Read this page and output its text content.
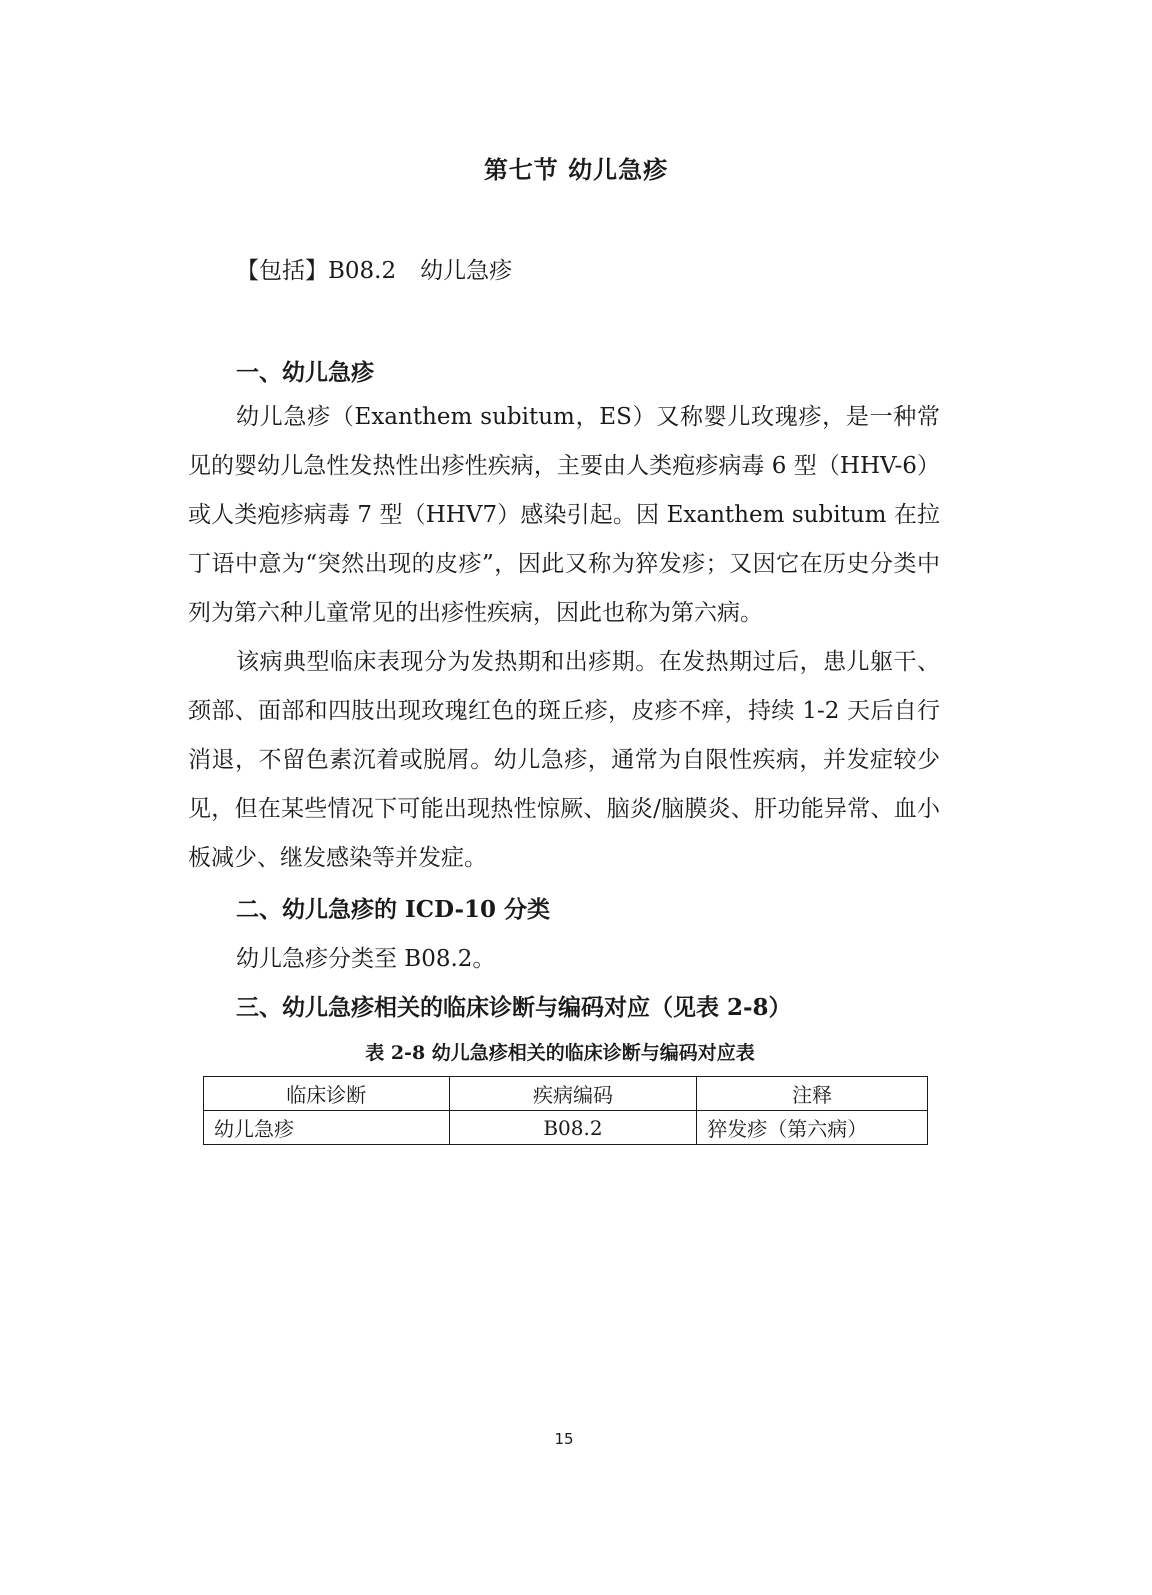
第七节 幼儿急疹

【包括】B08.2 幼儿急疹

一、幼儿急疹

幼儿急疹（Exanthem subitum，ES）又称婴儿玫瑰疹，是一种常见的婴幼儿急性发热性出疹性疾病，主要由人类疱疹病毒 6 型（HHV-6）或人类疱疹病毒 7 型（HHV7）感染引起。因 Exanthem subitum 在拉丁语中意为“突然出现的皮疹”，因此又称为猝发疹；又因它在历史分类中列为第六种儿童常见的出疹性疾病，因此也称为第六病。

该病典型临床表现分为发热期和出疹期。在发热期过后，患儿躯干、颈部、面部和四肢出现玫瑰红色的斑丘疹，皮疹不痒，持续 1-2 天后自行消退，不留色素沉着或脱屑。幼儿急疹，通常为自限性疾病，并发症较少见，但在某些情况下可能出现热性惊厥、脑炎/脑膜炎、肝功能异常、血小板减少、继发感染等并发症。

二、幼儿急疹的 ICD-10 分类

幼儿急疹分类至 B08.2。

三、幼儿急疹相关的临床诊断与编码对应（见表 2-8）

表 2-8 幼儿急疹相关的临床诊断与编码对应表

临床诊断	疾病编码	注释
幼儿急疹	B08.2	猝发疹（第六病）

15
